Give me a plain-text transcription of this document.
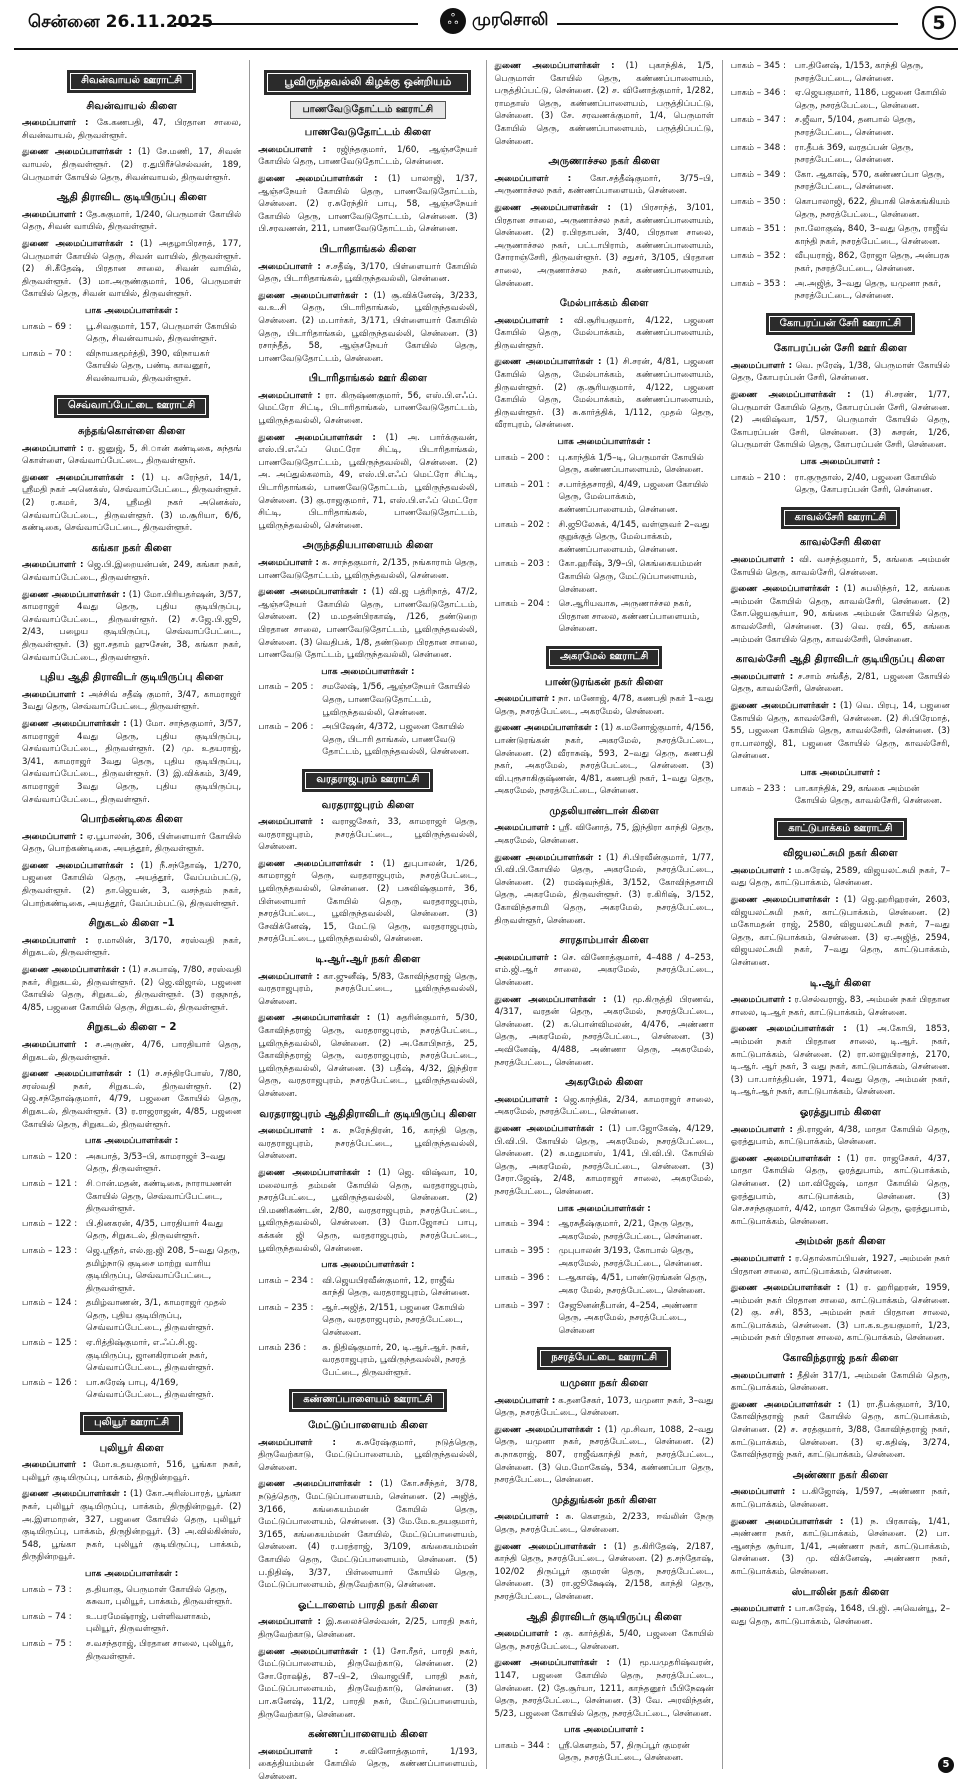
சென்னை 26.11.2025	ஃ முரசொலி	5
சிவன்வாயல் ஊராட்சி
சிவன்வாயல் கிளை

அமைப்பாளர் : கே.கணபதி, 47, பிரதான சாலை, சிவன்வாயல், திருவள்ளூர்.

துணை அமைப்பாளர்கள் : (1) சே.மணி, 17, சிவன் வாயல், திருவள்ளூர். (2) ர.துபிரீச்செல்வன், 189, பெருமாள் கோயில் தெரு, சிவன்வாயல், திருவள்ளூர்.

ஆதி திராவிட குடியிருப்பு கிளை

அமைப்பாளர் : தே.சுகுமார், 1/240, பெருமாள் கோயில் தெரு, சிவன் வாயில், திருவள்ளூர்.

துணை அமைப்பாளர்கள் : (1) அதழாபிரசாத், 177, பெருமாள் கோயில் தெரு, சிவன் வாயில், திருவள்ளூர். (2) சி.கீதேஷ், பிரதான சாலை, சிவன் வாயில், திருவள்ளூர். (3) மா.அருண்குமார், 106, பெருமாள் கோயில் தெரு, சிவன் வாயில், திருவள்ளூர்.

பாக அமைப்பாளர்கள் :
பாகம் – 69 :	பூ.சிவகுமார், 157, பெருமாள் கோயில் தெரு, சிவன்வாயல், திருவள்ளூர்.
பாகம் – 70 :	விநாயகமூர்த்தி, 390, விநாயகர் கோயில் தெரு, பண்டி காவனூர், சிவன்வாயல், திருவள்ளூர்.
செவ்வாப்பேட்டை ஊராட்சி
சுந்தங்கொள்ளை கிளை

அமைப்பாளர் : ர. ஜனுஜ், 5, சி.ான் கண்டிகை, சுந்தங் கொள்ளை, செவ்வாப்பேட்டை, திருவள்ளூர்.

துணை அமைப்பாளர்கள் : (1) பு. சுரேந்தர், 14/1, ஸ்ரீமதி நகர் அனெக்ஸ், செவ்வாப்பேட்டை, திருவள்ளூர். (2) ர.கமர், 3/4, ஸ்ரீமதி நகர் அனெக்ஸ், செவ்வாப்பேட்டை, திருவள்ளூர். (3) ம.சூரியா, 6/6, கண்டிகை, செவ்வாப்பேட்டை, திருவள்ளூர்.

கங்கா நகர் கிளை

அமைப்பாளர் : ஜெ.பி.இறையன்பன், 249, கங்கா நகர், செவ்வாப்பேட்டை, திருவள்ளூர்.

துணை அமைப்பாளர்கள் : (1) மோ.பிரியதர்ஷன், 3/57, காமராஜர் 4வது தெரு, புதிய குடியிருப்பு, செவ்வாப்பேட்டை, திருவள்ளூர். (2) ச.ஜே.பி.ஜூ, 2/43, பழைய குடியிருப்பு, செவ்வாப்பேட்டை, திருவள்ளூர். (3) ஜா.சதாம் ஹுசேன், 38, கங்கா நகர், செவ்வாப்பேட்டை, திருவள்ளூர்.

புதிய ஆதி திராவிடர் குடியிருப்பு கிளை

அமைப்பாளர் : அச்சிவ் சதீஷ் குமார், 3/47, காமராஜர் 3வது தெரு, செவ்வாப்பேட்டை, திருவள்ளூர்.

துணை அமைப்பாளர்கள் : (1) மோ. சாந்தகுமார், 3/57, காமராஜர் 4வது தெரு, புதிய குடியிருப்பு, செவ்வாப்பேட்டை, திருவள்ளூர். (2) மு. உதயராஜ், 3/41, காமராஜர் 3வது தெரு, புதிய குடியிருப்பு, செவ்வாப்பேட்டை, திருவள்ளூர். (3) இ.விக்கம், 3/49, காமராஜர் 3வது தெரு, புதிய குடியிருப்பு, செவ்வாப்பேட்டை, திருவள்ளூர்.

பொற்கண்டிகை கிளை

அமைப்பாளர் : ஏ.பூபாலன், 306, பிள்ளையார் கோயில் தெரு, பொற்கண்டிகை, அயத்தூர், திருவள்ளூர்.

துணை அமைப்பாளர்கள் : (1) நீ.சந்தோஷ், 1/270, பஜனை கோயில் தெரு, அயத்தூர், வேப்பம்பட்டு, திருவள்ளூர். (2) தா.ஜெயன், 3, வசந்தம் நகர், பொற்கண்டிகை, அயத்தூர், வேப்பம்பட்டு, திருவள்ளூர்.

சிறுகடல் கிளை –1

அமைப்பாளர் : ர.மாலின், 3/170, சரஸ்வதி நகர், சிறுகடல், திருவள்ளூர்.

துணை அமைப்பாளர்கள் : (1) ச.சுபாஷ், 7/80, சரஸ்வதி நகர், சிறுகடல், திருவள்ளூர். (2) ஜெ.விஜால், பஜனை கோயில் தெரு, சிறுகடல், திருவள்ளூர். (3) ரகுநாத், 4/85, பஜனை கோயில் தெரு, சிறுகடல், திருவள்ளூர்.

சிறுகடல் கிளை – 2

அமைப்பாளர் : ச.அருண், 4/76, பாரதியார் தெரு, சிறுகடல், திருவள்ளூர்.

துணை அமைப்பாளர்கள் : (1) ச.சந்திரபோஸ், 7/80, சரஸ்வதி நகர், சிறுகடல், திருவள்ளூர். (2) ஜெ.சந்தோஷ்குமார், 4/79, பஜனை கோயில் தெரு, சிறுகடல், திருவள்ளூர். (3) ர.ராஜராஜன், 4/85, பஜனை கோயில் தெரு, சிறுகடல், திருவள்ளூர்.

பாக அமைப்பாளர்கள் :
பாகம் – 120 :	அசுபாத், 3/53–பி, காமராஜர் 3–வது தெரு, திருவள்ளூர்.
பாகம் – 121 :	சி.ான்.மதன், கண்டிகை, நாராயணன் கோயில் தெரு, செவ்வாப்பேட்டை, திருவள்ளூர்.
பாகம் – 122 :	பி.தினகரன், 4/35, பாரதியார் 4வது தெரு, சிறுகடல், திருவள்ளூர்.
பாகம் – 123 :	ஜெ.ஸ்ரீதர், எல்.ஐ.ஜி 208, 5–வது தெரு, தமிழ்நாடு குடிசை மாற்று வாரிய குடியிருப்பு, செவ்வாப்பேட்டை, திருவள்ளூர்.
பாகம் – 124 :	தமிழ்வாணன், 3/1, காமராஜர் முதல் தெரு, புதிய குடியிருப்பு, செவ்வாப்பேட்டை, திருவள்ளூர்.
பாகம் – 125 :	ஏ.ரித்திஷ்குமார், எ.ஃப்.சி.ஜ. குடியிருப்பு, ஜானகிராமன் நகர், செவ்வாப்பேட்டை, திருவள்ளூர்.
பாகம் – 126 :	பா.சுரேஷ் பாபு, 4/169, செவ்வாப்பேட்டை, திருவள்ளூர்.
புலியூர் ஊராட்சி
புலியூர் கிளை

அமைப்பாளர் : மோ.உதயகுமார், 516, பூங்கா நகர், புலியூர் குடியிருப்பு, பாக்கம், திருநின்றவூர்.

துணை அமைப்பாளர்கள் : (1) கோ.அரிஸ்பாரத், பூங்கா நகர், புலியூர் குடியிருப்பு, பாக்கம், திருநின்றவூர். (2) அ.இளமாறன், 327, பஜனை கோயில் தெரு, புலியூர் குடியிருப்பு, பாக்கம், திருநின்றவூர். (3) அ.வில்கின்ஸ், 548, பூங்கா நகர், புலியூர் குடியிருப்பு, பாக்கம், திருநின்றவூர்.

பாக அமைப்பாளர்கள் :
பாகம் – 73 :	த.தியாகு, பெருமாள் கோயில் தெரு, கசுவா, புலியூர், பாக்கம், திருவள்ளூர்.
பாகம் – 74 :	உ.பரமேஷ்ராஜ், பள்ளிவளாகம், புலியூர், திருவள்ளூர்.
பாகம் – 75 :	ச.வசந்தராஜ், பிரதான சாலை, புலியூர், திருவள்ளூர்.
பூவிருந்தவல்லி கிழக்கு ஒன்றியம்
பாணவேடுதோட்டம் ஊராட்சி
பாணவேடுதோட்டம் கிளை

அமைப்பாளர் : ரஜிந்தகுமார், 1/60, ஆஞ்சநேயர் கோயில் தெரு, பாணவேடுதோட்டம், சென்னை.

துணை அமைப்பாளர்கள் : (1) பாலாஜி, 1/37, ஆஞ்சநேயர் கோயில் தெரு, பாணவேடுதோட்டம், சென்னை. (2) ர.சுரேந்திர் பாபு, 58, ஆஞ்சநேயர் கோயில் தெரு, பாணவேடுதோட்டம், சென்னை. (3) பி.சரவணன், 211, பாணவேடுதோட்டம், சென்னை.

பிடாரிதாங்கல் கிளை

அமைப்பாளர் : ச.சதீஷ், 3/170, பிள்ளையார் கோயில் தெரு, பிடாரிதாங்கல், பூவிருந்தவல்லி, சென்னை.

துணை அமைப்பாளர்கள் : (1) சூ.விக்னேஷ், 3/233, வ.உ.சி தெரு, பிடாரிதாங்கல், பூவிருந்தவல்லி, சென்னை. (2) ம.பார்கர், 3/171, பிள்ளையார் கோயில் தெரு, பிடாரிதாங்கல், பூவிருந்தவல்லி, சென்னை. (3) ரசாந்தீத், 58, ஆஞ்சநேயர் கோயில் தெரு, பாணவேடுதோட்டம், சென்னை.

பிடாரிதாங்கல் ஊர் கிளை

அமைப்பாளர் : ரா. கிருஷ்ணகுமார், 56, எஸ்.பி.எஃப். மெட்ரோ சிட்டி, பிடாரிதாங்கல், பாணவேடுதோட்டம், பூவிருந்தவல்லி, சென்னை.

துணை அமைப்பாளர்கள் : (1) அ. பார்க்குவன், எஸ்.பி.எஃப் மெட்ரோ சிட்டி, பிடாரிதாங்கல், பாணவேடுதோட்டம், பூவிருந்தவல்லி, சென்னை. (2) அ. அப்துல்கலாம், 49, எஸ்.பி.எஃப் மெட்ரோ சிட்டி, பிடாரிதாங்கல், பாணவேடுதோட்டம், பூவிருந்தவல்லி, சென்னை. (3) கு.ராஜகுமார், 71, எஸ்.பி.எஃப் மெட்ரோ சிட்டி, பிடாரிதாங்கல், பாணவேடுதோட்டம், பூவிருந்தவல்லி, சென்னை.

அருந்ததியபாளையம் கிளை

அமைப்பாளர் : க. சாந்தகுமார், 2/135, நங்காராம் தெரு, பாணவேடுதோட்டம், பூவிருந்தவல்லி, சென்னை.

துணை அமைப்பாளர்கள் : (1) வி.ஜ பத்ரிநாத், 47/2, ஆஞ்சநேயர் கோயில் தெரு, பாணவேடுதோட்டம், சென்னை. (2) ம.மதன்பிரகாஷ், /126, தண்டுறை பிரதான சாலை, பாணவேடுதோட்டம், பூவிருந்தவல்லி, சென்னை. (3) வெதிபக், 1/8, தண்டுறை பிரதான சாலை, பாணவேடு தோட்டம், பூவிருந்தவல்லி, சென்னை.

பாக அமைப்பாளர்கள் :
பாகம் – 205 :	சமலேஷ், 1/56, ஆஞ்சநேயர் கோயில் தெரு, பாணவேடுதோட்டம், பூவிருந்தவல்லி, சென்னை.
பாகம் – 206 :	அபிஷேன், 4/372, பஜனை கோயில் தெரு, பிடாரி தாங்கல், பாணவேடு தோட்டம், பூவிருந்தவல்லி, சென்னை.
வரதராஜபுரம் ஊராட்சி
வரதராஜபுரம் கிளை

அமைப்பாளர் : வராஜசேகர், 33, காமராஜர் தெரு, வரதராஜபுரம், நசரத்பேட்டை, பூவிருந்தவல்லி, சென்னை.

துணை அமைப்பாளர்கள் : (1) துபுபாலன், 1/26, காமராஜர் தெரு, வரதராஜபுரம், நசரத்பேட்டை, பூவிருந்தவல்லி, சென்னை. (2) பசுவிஷ்குமார், 36, பிள்ளையார் கோயில் தெரு, வரதராஜபுரம், நசரத்பேட்டை, பூவிருந்தவல்லி, சென்னை. (3) சேவிக்னேஷ், 15, மேட்டு தெரு, வரதராஜபுரம், நசரத்பேட்டை, பூவிருந்தவல்லி, சென்னை.

டி.ஆர்.ஆர் நகர் கிளை

அமைப்பாளர் : கா.ஜுனீஷ், 5/83, கோவிந்தராஜ் தெரு, வரதராஜபுரம், நசரத்பேட்டை, பூவிருந்தவல்லி, சென்னை.

துணை அமைப்பாளர்கள் : (1) சுதரின்குமார், 5/30, கோவிந்தராஜ் தெரு, வரதராஜபுரம், நசரத்பேட்டை, பூவிருந்தவல்லி, சென்னை. (2) அ.கோபிநாத், 25, கோவிந்தராஜ் தெரு, வரதராஜபுரம், நசரத்பேட்டை, பூவிருந்தவல்லி, சென்னை. (3) பதீஷ், 4/32, இந்திரா தெரு, வரதராஜபுரம், நசரத்பேட்டை, பூவிருந்தவல்லி, சென்னை.

வரதராஜபுரம் ஆதிதிராவிடர் குடியிருப்பு கிளை

அமைப்பாளர் : க. நரேந்திரன், 16, காந்தி தெரு, வரதராஜபுரம், நசரத்பேட்டை, பூவிருந்தவல்லி, சென்னை.

துணை அமைப்பாளர்கள் : (1) ஜெ. விஷ்வா, 10, மலையாத் தம்மன் கோயில் தெரு, வரதராஜபுரம், நசரத்பேட்டை, பூவிருந்தவல்லி, சென்னை. (2) பி.மணிகண்டன், 2/80, வரதராஜபுரம், நசரத்பேட்டை, பூவிருந்தவல்லி, சென்னை. (3) மோ.ஜோசப் பாபு, கக்கன் ஜி தெரு, வரதராஜபுரம், நசரத்பேட்டை, பூவிருந்தவல்லி, சென்னை.

பாக அமைப்பாளர்கள் :
பாகம் – 234 :	வி.ஜெயபிரவீன்குமார், 12, ராஜீவ் காந்தி தெரு, வரதராஜபுரம், சென்னை.
பாகம் – 235 :	ஆர்.அஜித், 2/151, பஜனை கோயில் தெரு, வரதராஜபுரம், நசரத்பேட்டை, சென்னை.
பாகம் 236 :	சு. நிதிஷ்குமார், 20, டி.ஆர்.ஆர். நகர், வரதராஜபுரம், பூவிருந்தவல்லி, நசரத் பேட்டை, திருவள்ளூர்.
கண்ணப்பாளையம் ஊராட்சி
மேட்டுப்பாளையம் கிளை

அமைப்பாளர் : க.சுரேஷ்குமார், நடுத்தெரு, திருவேற்காடு, மேட்டுப்பாளையம், பூவிருந்தவல்லி, சென்னை.

துணை அமைப்பாளர்கள் : (1) கோ.சசீந்தர், 3/78, நடுத்தெரு, மேட்டுப்பாளையம், சென்னை. (2) அஜித், 3/166, கங்கையம்மன் கோயில் தெரு, மேட்டுப்பாளையம், சென்னை. (3) மே.மே.உதயகுமார், 3/165, கங்கையம்மன் கோயில், மேட்டுப்பாளையம், சென்னை. (4) ர.பரத்ராஜ், 3/109, கங்கையம்மன் கோயில் தெரு, மேட்டுப்பாளையம், சென்னை. (5) ப.நிதிஷ், 3/37, பிள்ளையார் கோயில் தெரு, மேட்டுப்பாளையம், திருவேற்காடு, சென்னை.

ஓட்டாளைம் பாரதி நகர் கிளை

அமைப்பாளர் : இ.கலைச்செல்வன், 2/25, பாரதி நகர், திருவேற்காடு, சென்னை.

துணை அமைப்பாளர்கள் : (1) சோ.ரீதர், பாரதி நகர், மேட்டுப்பாளையம், திருவேற்காடு, சென்னை. (2) சோ.ரோஷித், 87–பி–2, பிவாஜபிரீ, பாரதி நகர், மேட்டுப்பாளையம், திருவேற்காடு, சென்னை. (3) பா.கனேஷ், 11/2, பாரதி நகர், மேட்டுப்பாளையம், திருவேற்காடு, சென்னை.

கண்ணப்பாளையம் கிளை

அமைப்பாளர் :	ச.வினோத்குமார், 1/193, கைத்தியம்மன் கோயில் தெரு, கண்ணப்பாளையம், சென்னை.

துணை அமைப்பாளர்கள் : (1) புகாந்திக், 1/5, பெருமாள் கோயில் தெரு, கண்ணப்பாளையம், பருத்திப்பட்டு, சென்னை. (2) ச. வினோத்குமார், 1/282, ராமதாஸ் தெரு, கண்ணப்பாளையம், பருத்திப்பட்டு, சென்னை. (3) சே. சரவணக்குமார், 1/4, பெருமாள் கோயில் தெரு, கண்ணப்பாளையம், பருத்திப்பட்டு, சென்னை.

அருணாச்சல நகர் கிளை

அமைப்பாளர் : கோ.சத்தீஷ்குமார், 3/75–பி, அருணாச்சல நகர், கண்ணப்பாளையம், சென்னை.

துணை அமைப்பாளர்கள் : (1) பிரசாந்த், 3/101, பிரதான சாலை, அருணாச்சல நகர், கண்ணப்பாளையம், சென்னை. (2) ர.பிரதாபன், 3/40, பிரதான சாலை, அருணாச்சல நகர், பட்டாபிராம், கண்ணப்பாளையம், சோராஞ்சேரி, திருவள்ளூர். (3) சதுசர், 3/105, பிரதான சாலை, அருணாச்சல நகர், கண்ணப்பாளையம், சென்னை.

மேல்பாக்கம் கிளை

அமைப்பாளர் : வி.சூரியகுமார், 4/122, பஜனை கோயில் தெரு, மேல்பாக்கம், கண்ணப்பாளையம், திருவள்ளூர்.

துணை அமைப்பாளர்கள் : (1) சி.சரன், 4/81, பஜனை கோயில் தெரு, மேல்பாக்கம், கண்ணப்பாளையம், திருவள்ளூர். (2) கு.சூரியகுமார், 4/122, பஜனை கோயில் தெரு, மேல்பாக்கம், கண்ணப்பாளையம், திருவள்ளூர். (3) சு.கார்த்திக், 1/112, முதல் தெரு, வீராபுரம், சென்னை.

பாக அமைப்பாளர்கள் :
பாகம் – 200 :	பு.காந்திக் 1/5–டி, பெருமாள் கோயில் தெரு, கண்ணப்பாளையம், சென்னை.
பாகம் – 201 :	ச.பார்த்தசாரதி, 4/49, பஜனை கோயில் தெரு, மேல்பாக்கம், கண்ணப்பாளையம், சென்னை.
பாகம் – 202 :	சி.ஜூலேசுக், 4/145, வள்ளுவர் 2–வது குறுக்குத் தெரு, மேல்பாக்கம், கண்ணப்பாளையம், சென்னை.
பாகம் – 203 :	கோ.ஹரீஷ், 3/9–பி, கெங்கையம்மன் கோயில் தெரு, மேட்டுப்பாளையம், சென்னை.
பாகம் – 204 :	செ.ஆரியவாசு, அருணாச்சல நகர், பிரதான சாலை, கண்ணப்பாளையம், சென்னை.
அகரமேல் ஊராட்சி
பாண்டுரங்கன் நகர் கிளை

அமைப்பாளர் : நா. மனோஜ், 4/78, கணபதி நகர் 1–வது தெரு, நசரத்பேட்டை, அகரமேல், சென்னை.

துணை அமைப்பாளர்கள் : (1) க.மனோஜ்குமார், 4/156, பாண்டுரங்கன் நகர், அகரமேல், நசரத்பேட்டை, சென்னை. (2) வீராசுஷ், 593, 2–வது தெரு, கணபதி நகர், அகரமேல், நசரத்பேட்டை, சென்னை. (3) வி.புரூசாகிகுஷ்ணன், 4/81, கணபதி நகர், 1–வது தெரு, அகரமேல், நசரத்பேட்டை, சென்னை.

முதலியாண்டான் கிளை

அமைப்பாளர் : ஸ்ரீ. வினோத், 75, இந்திரா காந்தி தெரு, அகரமேல், சென்னை.

துணை அமைப்பாளர்கள் : (1) சி.பிரவீன்குமார், 1/77, பி.வி.பி.கோயில் தெரு, அகரமேல், நசரத்பேட்டை, சென்னை. (2) ரமஷ்வந்திக், 3/152, கோவிந்தசாமி தெரு, அகரமேல், திருவள்ளூர். (3) ர.கிரிஷ், 3/152, கோவிந்தசாமி தெரு, அகரமேல், நசரத்பேட்டை, திருவள்ளூர், சென்னை.

சாரதாம்பாள் கிளை

அமைப்பாளர் : செ. வினோத்குமார், 4–488 / 4–253, எம்.ஜி.ஆர் சாலை, அகரமேல், நசரத்பேட்டை, சென்னை.

துணை அமைப்பாளர்கள் : (1) மூ.கிருத்தி பிரணவ், 4/317, வரதன் தெரு, அகரமேல், நசரத்பேட்டை, சென்னை. (2) க.பொன்விமலன், 4/476, அண்ணா தெரு, அகரமேல், நசரத்பேட்டை, சென்னை. (3) அவினேஷ், 4/488, அண்ணா தெரு, அகரமேல், நசரத்பேட்டை, சென்னை.

அகரமேல் கிளை

அமைப்பாளர் : ஜெ.காந்திக், 2/34, காமராஜர் சாலை, அகரமேல், நசரத்பேட்டை, சென்னை.

துணை அமைப்பாளர்கள் : (1) பா.ஜோகேஷ், 4/129, பி.வி.பி. கோயில் தெரு, அகரமேல், நசரத்பேட்டை, சென்னை. (2) சு.மதுமாஸ், 1/41, பி.வி.பி. கோயில் தெரு, அகரமேல், நசரத்பேட்டை, சென்னை. (3) சேரா.ஜேஷ், 2/48, காமராஜர் சாலை, அகரமேல், நசரத்பேட்டை, சென்னை.

பாக அமைப்பாளர்கள் :
பாகம் – 394 :	ஆரசுதீஷ்குமார், 2/21, நேரு தெரு, அகரமேல், நசரத்பேட்டை, சென்னை.
பாகம் – 395 :	முபுபாலன் 3/193, கோபால் தெரு, அகரமேல், நசரத்பேட்டை, சென்னை.
பாகம் – 396 :	டஆகாஷ், 4/51, பாண்டுரங்கன் தெரு, அகர மேல், நசரத்பேட்டை, சென்னை.
பாகம் – 397 :	சேஜூனன்தீபான், 4–254, அண்ணா தெரு, அகரமேல், நசரத்பேட்டை, சென்னை
நசரத்பேட்டை ஊராட்சி
யமுனா நகர் கிளை

அமைப்பாளர் : க.தனசேகர், 1073, யமுனா நகர், 3–வது தெரு, நசரத்பேட்டை, சென்னை.

துணை அமைப்பாளர்கள் : (1) மு.சிவா, 1088, 2–வது தெரு, யமுனா நகர், நசரத்பேட்டை, சென்னை. (2) சு.நாகராஜ், 807, ராஜீவ்காந்தி நகர், நசரத்பேட்டை, சென்னை. (3) மெ.மோகேஷ், 534, கண்ணப்பா தெரு, நசரத்பேட்டை, சென்னை.

முத்துங்கன் நகர் கிளை

அமைப்பாளர் : சு. கௌதம், 2/233, ஈவ்லின் நேரு தெரு, நசரத்பேட்டை, சென்னை.

துணை அமைப்பாளர்கள் : (1) த.கிரிதேஷ், 2/187, காந்தி தெரு, நசரத்பேட்டை, சென்னை. (2) த.சந்தோஷ், 102/02 திருப்பூர் குமரன் தெரு, நசரத்பேட்டை, சென்னை. (3) ரா.ஜூக்ஷேஷ், 2/158, காந்தி தெரு, நசரத்பேட்டை, சென்னை.

ஆதி திராவிடர் குடியிருப்பு கிளை

அமைப்பாளர் : கு. கார்த்திக், 5/40, பஜனை கோயில் தெரு, நசரத்பேட்டை, சென்னை.

துணை அமைப்பாளர்கள் : (1) மூ.யமுதரிஷ்வரன், 1147, பஜனை கோயில் தெரு, நசரத்பேட்டை, சென்னை. (2) தே.சூர்யா, 1211, காந்தனூர் பீபிநேஷன் தெரு, நசரத்பேட்டை, சென்னை. (3) வே. அரவிந்தன், 5/23, பஜனை கோயில் தெரு, நசரத்பேட்டை, சென்னை.

பாக அமைப்பாளர் :
பாகம் – 344 :	ஸ்ரீ.கௌதம், 57, திருப்பூர் குமரன் தெரு, நசரத்பேட்டை, சென்னை.
பாகம் – 345 :	பா.தினேஷ், 1/153, காந்தி தெரு, நசரத்பேட்டை, சென்னை.
பாகம் – 346 :	ஏ.ஜெயகுமார், 1186, பஜனை கோயில் தெரு, நசரத்பேட்டை, சென்னை.
பாகம் – 347 :	ச.ஜீவா, 5/104, தனபால் தெரு, நசரத்பேட்டை, சென்னை.
பாகம் – 348 :	ரா.தீபக் 369, வரதப்பன் தெரு, நசரத்பேட்டை, சென்னை.
பாகம் – 349 :	கோ. ஆகாஷ், 570, கண்ணப்பா தெரு, நசரத்பேட்டை, சென்னை.
பாகம் – 350 :	கொபாலாஜி, 622, தியாகி செக்கங்கியம் தெரு, நசரத்பேட்டை, சென்னை.
பாகம் – 351 :	நா.லோகுஷ், 840, 3–வது தெரு, ராஜீவ் காந்தி நகர், நசரத்பேட்டை, சென்னை.
பாகம் – 352 :	வீபுயராஜ், 862, ரோஜா தெரு, அன்பரசு நகர், நசரத்பேட்டை, சென்னை.
பாகம் – 353 :	அ.அஜித், 3–வது தெரு, யமுனா நகர், நசரத்பேட்டை, சென்னை.
கோபரப்பன் சேரி ஊராட்சி
கோபரப்பன் சேரி ஊர் கிளை

அமைப்பாளர் : வெ. நரேஷ், 1/38, பெருமாள் கோயில் தெரு, கோபரப்பன் சேரி, சென்னை.

துணை அமைப்பாளர்கள் : (1) சி.சரண், 1/77, பெருமாள் கோயில் தெரு, கோபரப்பன் சேரி, சென்னை. (2) அவிஷ்வா, 1/57, பெருமாள் கோயில் தெரு, கோபரப்பன் சேரி, சென்னை. (3) சுசரன், 1/26, பெருமாள் கோயில் தெரு, கோபரப்பன் சேரி, சென்னை.

பாக அமைப்பாளர் :
பாகம் – 210 :	ரா.குருதாஸ், 2/40, பஜனை கோயில் தெரு, கோபரப்பன் சேரி, சென்னை.
காவல்சேரி ஊராட்சி
காவல்சேரி கிளை

அமைப்பாளர் : வி. வசந்த்குமார், 5, கங்கை அம்மன் கோயில் தெரு, காவல்சேரி, சென்னை.

துணை அமைப்பாளர்கள் : (1) சுபலிந்தர், 12, கங்கை அம்மன் கோயில் தெரு, காவல்சேரி, சென்னை. (2) கோ.ஜெயசூர்யா, 90, கங்கை அம்மன் கோயில் தெரு, காவல்சேரி, சென்னை. (3) வெ. ரவி, 65, கங்கை அம்மன் கோயில் தெரு, காவல்சேரி, சென்னை.

காவல்சேரி ஆதி திராவிடர் குடியிருப்பு கிளை

அமைப்பாளர் : ச.சாம் சங்கீத், 2/81, பஜனை கோயில் தெரு, காவல்சேரி, சென்னை.

துணை அமைப்பாளர்கள் : (1) வெ. பிரபு, 14, பஜனை கோயில் தெரு, காவல்சேரி, சென்னை. (2) சி.பிரேமாத், 55, பஜனை கோயில் தெரு, காவல்சேரி, சென்னை. (3) ரா.பாலாஜி, 81, பஜனை கோயில் தெரு, காவல்சேரி, சென்னை.

பாக அமைப்பாளர் :
பாகம் – 233 :	பா.காந்திக், 29, கங்கை அம்மன் கோயில் தெரு, காவல்சேரி, சென்னை.
காட்டுபாக்கம் ஊராட்சி
விஜயலட்சுமி நகர் கிளை

அமைப்பாளர் : ம.சுரேஷ், 2589, விஜயலட்சுமி நகர், 7–வது தெரு, காட்டுபாக்கம், சென்னை.

துணை அமைப்பாளர்கள் : (1) ஜெ.ஹரிஹரன், 2603, விஜயலட்சுமி நகர், காட்டுபாக்கம், சென்னை. (2) மகோமதன் ராஜ், 2580, விஜயலட்சுமி நகர், 7–வது தெரு, காட்டுபாக்கம், சென்னை. (3) ஏ.அஜித், 2594, விஜயலட்சுமி நகர், 7–வது தெரு, காட்டுபாக்கம், சென்னை.

டி.ஆர் கிளை

அமைப்பாளர் : ர.செல்வராஜ், 83, அம்மன் நகர் பிரதான சாலை, டி.ஆர் நகர், காட்டுபாக்கம், சென்னை.

துணை அமைப்பாளர்கள் : (1) அ.கோபி, 1853, அம்மன் நகர் பிரதான சாலை, டி.ஆர். நகர், காட்டுபாக்கம், சென்னை. (2) ரா.லாலுபிரசாத், 2170, டி.ஆர். ஆர் நகர், 3 வது நகர், காட்டுபாக்கம், சென்னை. (3) பா.பார்த்திபன், 1971, 4வது தெரு, அம்மன் நகர், டி.ஆர்.ஆர் நகர், காட்டுபாக்கம், சென்னை.

ஓரத்துபாம் கிளை

அமைப்பாளர் : தி.ராஜன், 4/38, மாதா கோயில் தெரு, ஓரத்துபாம், காட்டுபாக்கம், சென்னை.

துணை அமைப்பாளர்கள் : (1) ரா. ராஜசேகர், 4/37, மாதா கோயில் தெரு, ஓரத்துபாம், காட்டுபாக்கம், சென்னை. (2) மா.விஜேஷ், மாதா கோயில் தெரு, ஓரத்துபாம், காட்டுபாக்கம், சென்னை. (3) செ.சசந்தகுமார், 4/42, மாதா கோயில் தெரு, ஓரத்துபாம், காட்டுபாக்கம், சென்னை.

அம்மன் நகர் கிளை

அமைப்பாளர் : ர.தொல்காப்பியன், 1927, அம்மன் நகர் பிரதான சாலை, காட்டுபாக்கம், சென்னை.

துணை அமைப்பாளர்கள் : (1) ர. ஹரிஹரன், 1959, அம்மன் நகர் பிரதான சாலை, காட்டுபாக்கம், சென்னை. (2) கு. சசி, 853, அம்மன் நகர் பிரதான சாலை, காட்டுபாக்கம், சென்னை. (3) பா.க.உதயகுமார், 1/23, அம்மன் நகர் பிரதான சாலை, காட்டுபாக்கம், சென்னை.

கோவிந்தராஜ் நகர் கிளை

அமைப்பாளர் : தீதின் 317/1, அம்மன் கோயில் தெரு, காட்டுபாக்கம், சென்னை.

துணை அமைப்பாளர்கள் : (1) ரா.தீபக்குமார், 3/10, கோவிந்தராஜ் நகர் கோயில் தெரு, காட்டுபாக்கம், சென்னை. (2) ச. சரத்குமார், 3/88, கோவிந்தராஜ் நகர், காட்டுபாக்கம், சென்னை. (3) ஏ.கதிஷ், 3/274, கோவிந்தராஜ் நகர், காட்டுபாக்கம், சென்னை.

அண்ணா நகர் கிளை

அமைப்பாளர் : ப.கிஜோஷ், 1/597, அண்ணா நகர், காட்டுபாக்கம், சென்னை.

துணை அமைப்பாளர்கள் : (1) ந. பிரகாஷ், 1/41, அண்ணா நகர், காட்டுபாக்கம், சென்னை. (2) பா. ஆனந்த சூர்யா, 1/41, அண்ணா நகர், காட்டுபாக்கம், சென்னை. (3) மு. விக்னேஷ், அண்ணா நகர், காட்டுபாக்கம், சென்னை.

ஸ்டாலின் நகர் கிளை

அமைப்பாளர் : பா.சுரேஷ், 1648, பி.ஜி. அவென்யூ, 2–வது தெரு, காட்டுபாக்கம், சென்னை.

5
